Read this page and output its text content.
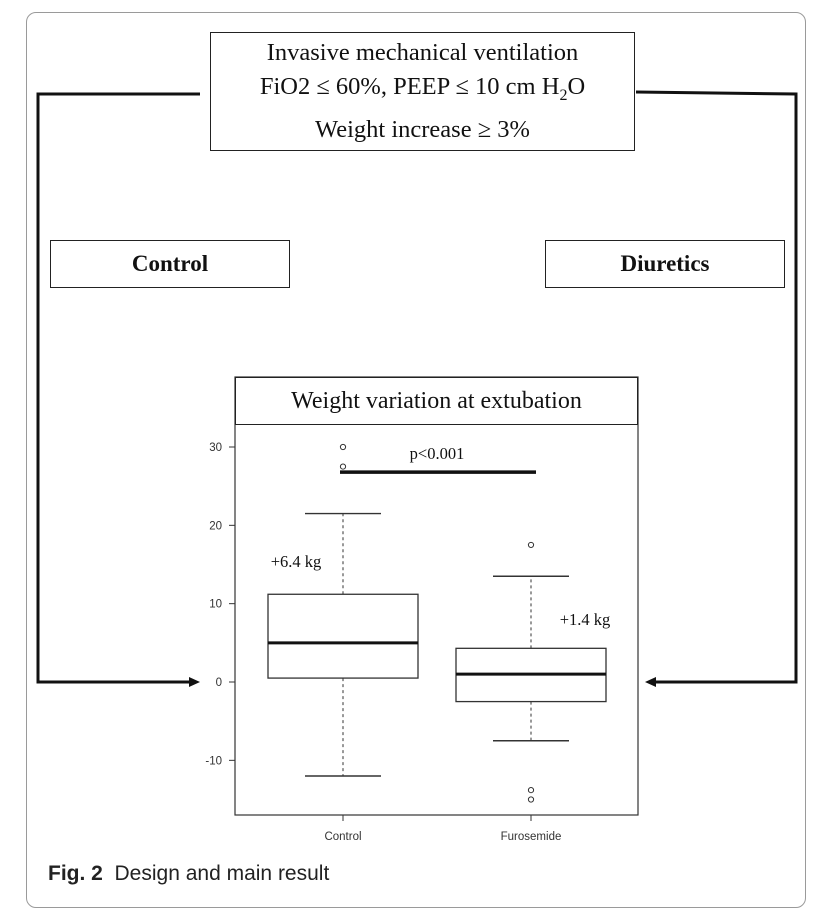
-10
0
10
20
30
Control	Furosemide
p<0.001
+6.4 kg
+1.4 kg
Invasive mechanical ventilation
FiO2 ≤ 60%, PEEP ≤ 10 cm $H_2O$
Weight increase ≥ 3%
Control	Diuretics
Weight variation at extubation
Fig. 2 Design and main result
